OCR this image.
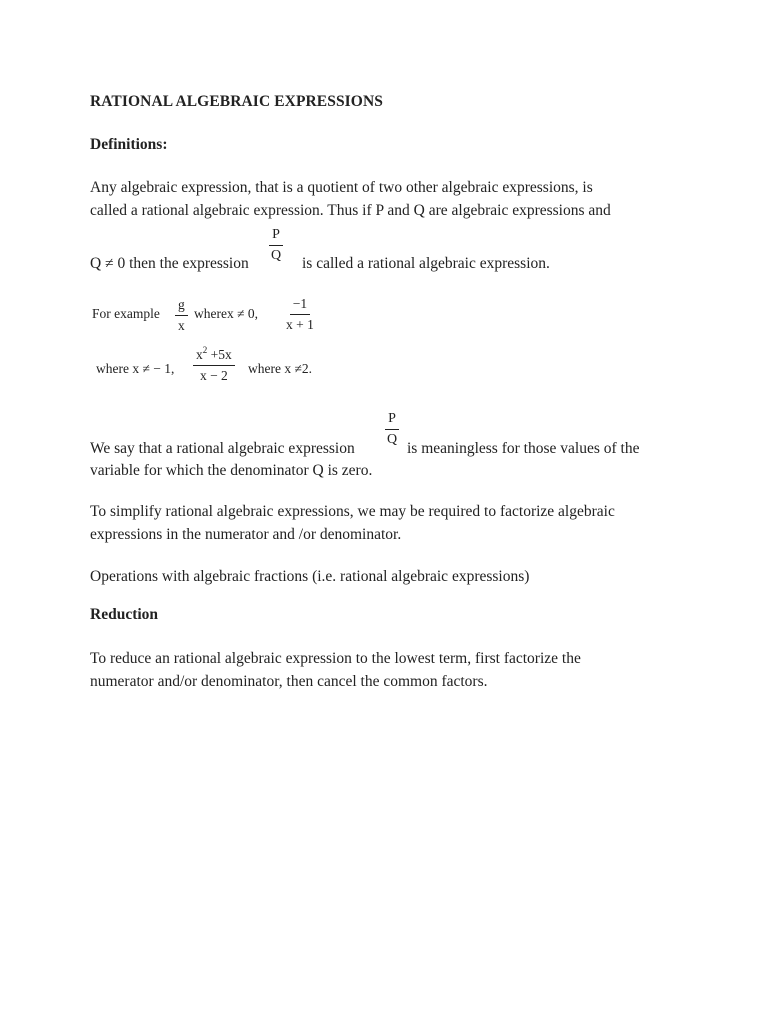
RATIONAL ALGEBRAIC EXPRESSIONS
Definitions:
Any algebraic expression, that is a quotient of two other algebraic expressions, is
called a rational algebraic expression. Thus if P and Q are algebraic expressions and
Q ≠ 0 then the expression $\frac{P}{Q}$ is called a rational algebraic expression.
For example $\frac{g}{x}$ wherex ≠ 0, $\frac{-1}{x + 1}$
where x ≠ − 1, $\frac{x^2 +5x}{x - 2}$ where x ≠2.
We say that a rational algebraic expression
$\frac{P}{Q}$
is meaningless for those values of the
variable for which the denominator Q is zero.
To simplify rational algebraic expressions, we may be required to factorize algebraic
expressions in the numerator and /or denominator.
Operations with algebraic fractions (i.e. rational algebraic expressions)
Reduction
To reduce an rational algebraic expression to the lowest term, first factorize the
numerator and/or denominator, then cancel the common factors.
